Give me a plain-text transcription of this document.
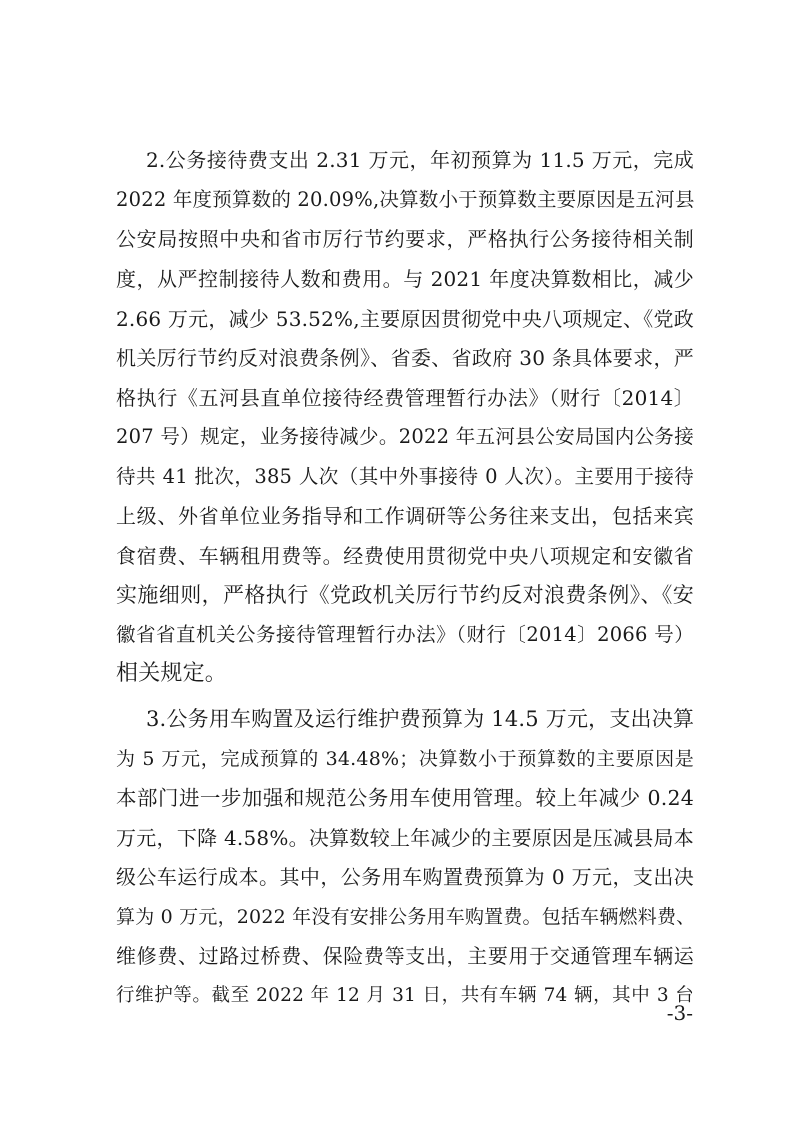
2.公务接待费支出 2.31 万元，年初预算为 11.5 万元，完成
2022 年度预算数的 20.09%,决算数小于预算数主要原因是五河县
公安局按照中央和省市厉行节约要求，严格执行公务接待相关制
度，从严控制接待人数和费用。与 2021 年度决算数相比，减少
2.66 万元，减少 53.52%,主要原因贯彻党中央八项规定、《党政
机关厉行节约反对浪费条例》、省委、省政府 30 条具体要求，严
格执行《五河县直单位接待经费管理暂行办法》（财行〔2014〕
207 号）规定，业务接待减少。2022 年五河县公安局国内公务接
待共 41 批次，385 人次（其中外事接待 0 人次）。主要用于接待
上级、外省单位业务指导和工作调研等公务往来支出，包括来宾
食宿费、车辆租用费等。经费使用贯彻党中央八项规定和安徽省
实施细则，严格执行《党政机关厉行节约反对浪费条例》、《安
徽省省直机关公务接待管理暂行办法》（财行〔2014〕2066 号）
相关规定。
3.公务用车购置及运行维护费预算为 14.5 万元，支出决算
为 5 万元，完成预算的 34.48%；决算数小于预算数的主要原因是
本部门进一步加强和规范公务用车使用管理。较上年减少 0.24
万元，下降 4.58%。决算数较上年减少的主要原因是压减县局本
级公车运行成本。其中，公务用车购置费预算为 0 万元，支出决
算为 0 万元，2022 年没有安排公务用车购置费。包括车辆燃料费、
维修费、过路过桥费、保险费等支出，主要用于交通管理车辆运
行维护等。截至 2022 年 12 月 31 日，共有车辆 74 辆，其中 3 台
-3-
